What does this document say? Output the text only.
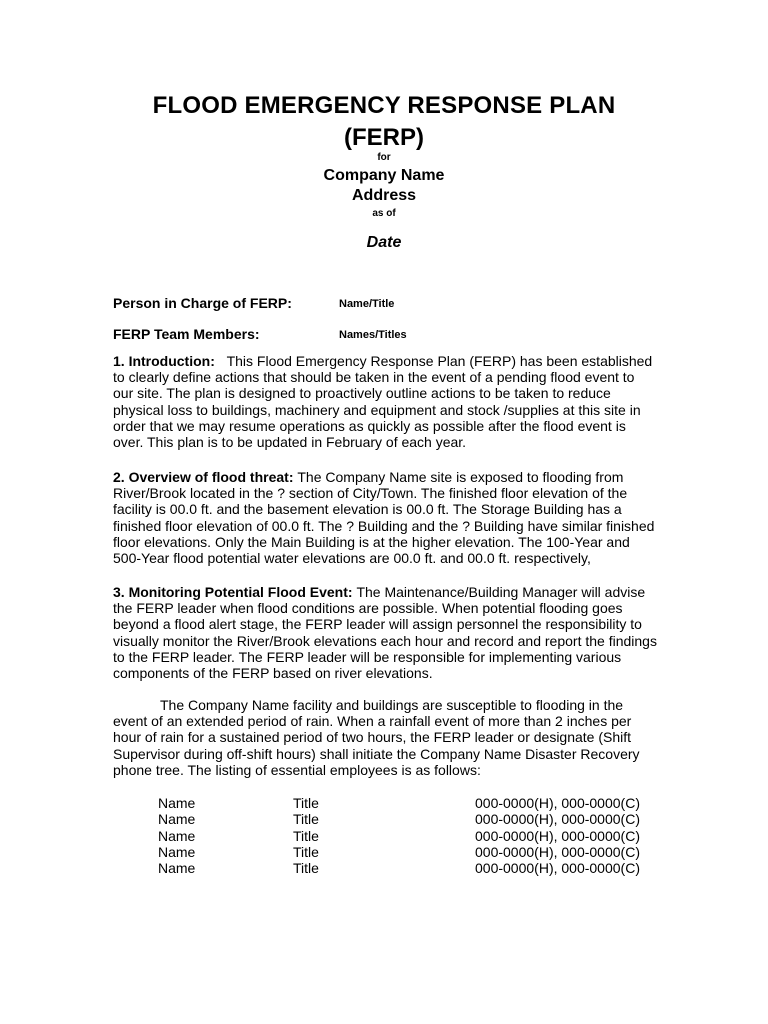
FLOOD EMERGENCY RESPONSE PLAN
(FERP)
for
Company Name
Address
as of
Date
Person in Charge of FERP:	Name/Title
FERP Team Members:	Names/Titles
1. Introduction: This Flood Emergency Response Plan (FERP) has been established to clearly define actions that should be taken in the event of a pending flood event to our site. The plan is designed to proactively outline actions to be taken to reduce physical loss to buildings, machinery and equipment and stock /supplies at this site in order that we may resume operations as quickly as possible after the flood event is over. This plan is to be updated in February of each year.
2. Overview of flood threat: The Company Name site is exposed to flooding from River/Brook located in the ? section of City/Town. The finished floor elevation of the facility is 00.0 ft. and the basement elevation is 00.0 ft. The Storage Building has a finished floor elevation of 00.0 ft. The ? Building and the ? Building have similar finished floor elevations. Only the Main Building is at the higher elevation. The 100-Year and 500-Year flood potential water elevations are 00.0 ft. and 00.0 ft. respectively,
3. Monitoring Potential Flood Event: The Maintenance/Building Manager will advise the FERP leader when flood conditions are possible. When potential flooding goes beyond a flood alert stage, the FERP leader will assign personnel the responsibility to visually monitor the River/Brook elevations each hour and record and report the findings to the FERP leader. The FERP leader will be responsible for implementing various components of the FERP based on river elevations.
The Company Name facility and buildings are susceptible to flooding in the event of an extended period of rain. When a rainfall event of more than 2 inches per hour of rain for a sustained period of two hours, the FERP leader or designate (Shift Supervisor during off-shift hours) shall initiate the Company Name Disaster Recovery phone tree. The listing of essential employees is as follows:
Name	Title	000-0000(H), 000-0000(C)
Name	Title	000-0000(H), 000-0000(C)
Name	Title	000-0000(H), 000-0000(C)
Name	Title	000-0000(H), 000-0000(C)
Name	Title	000-0000(H), 000-0000(C)
